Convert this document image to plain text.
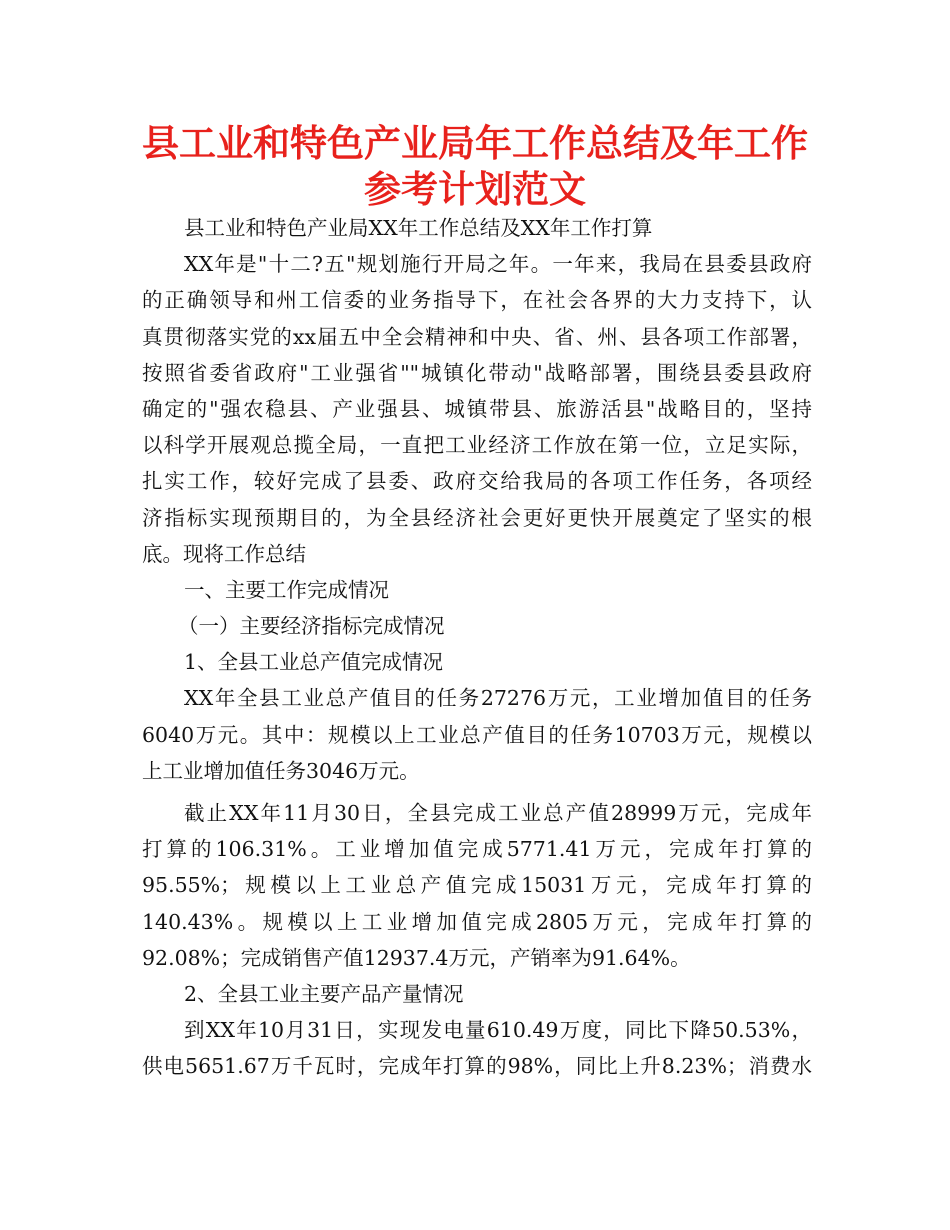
县工业和特色产业局年工作总结及年工作
参考计划范文
县工业和特色产业局XX年工作总结及XX年工作打算
XX年是"十二?五"规划施行开局之年。一年来，我局在县委县政府
的正确领导和州工信委的业务指导下，在社会各界的大力支持下，认
真贯彻落实党的xx届五中全会精神和中央、省、州、县各项工作部署，
按照省委省政府"工业强省""城镇化带动"战略部署，围绕县委县政府
确定的"强农稳县、产业强县、城镇带县、旅游活县"战略目的，坚持
以科学开展观总揽全局，一直把工业经济工作放在第一位，立足实际，
扎实工作，较好完成了县委、政府交给我局的各项工作任务，各项经
济指标实现预期目的，为全县经济社会更好更快开展奠定了坚实的根
底。现将工作总结
一、主要工作完成情况
（一）主要经济指标完成情况
1、全县工业总产值完成情况
XX年全县工业总产值目的任务27276万元，工业增加值目的任务
6040万元。其中：规模以上工业总产值目的任务10703万元，规模以
上工业增加值任务3046万元。
截止XX年11月30日，全县完成工业总产值28999万元，完成年
打算的106.31%。工业增加值完成5771.41万元，完成年打算的
95.55%；规模以上工业总产值完成15031万元，完成年打算的
140.43%。规模以上工业增加值完成2805万元，完成年打算的
92.08%；完成销售产值12937.4万元，产销率为91.64%。
2、全县工业主要产品产量情况
到XX年10月31日，实现发电量610.49万度，同比下降50.53%，
供电5651.67万千瓦时，完成年打算的98%，同比上升8.23%；消费水
